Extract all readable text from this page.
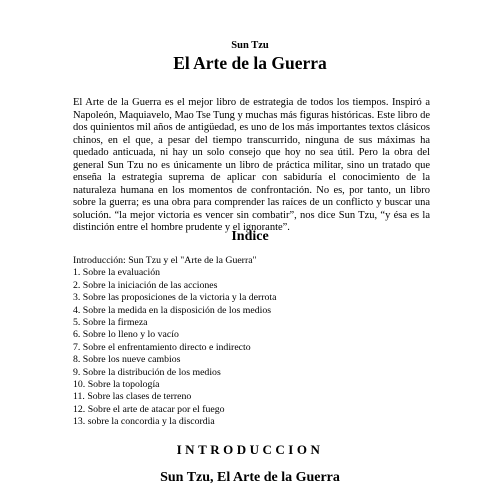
Sun Tzu
El Arte de la Guerra

El Arte de la Guerra es el mejor libro de estrategia de todos los tiempos. Inspiró a Napoleón, Maquiavelo, Mao Tse Tung y muchas más figuras históricas. Este libro de dos quinientos mil años de antigüedad, es uno de los más importantes textos clásicos chinos, en el que, a pesar del tiempo transcurrido, ninguna de sus máximas ha quedado anticuada, ni hay un solo consejo que hoy no sea útil. Pero la obra del general Sun Tzu no es únicamente un libro de práctica militar, sino un tratado que enseña la estrategia suprema de aplicar con sabiduría el conocimiento de la naturaleza humana en los momentos de confrontación. No es, por tanto, un libro sobre la guerra; es una obra para comprender las raíces de un conflicto y buscar una solución. “la mejor victoria es vencer sin combatir”, nos dice Sun Tzu, “y ésa es la distinción entre el hombre prudente y el ignorante”.

Indice
Introducción: Sun Tzu y el "Arte de la Guerra"
1. Sobre la evaluación
2. Sobre la iniciación de las acciones
3. Sobre las proposiciones de la victoria y la derrota
4. Sobre la medida en la disposición de los medios
5. Sobre la firmeza
6. Sobre lo lleno y lo vacío
7. Sobre el enfrentamiento directo e indirecto
8. Sobre los nueve cambios
9. Sobre la distribución de los medios
10. Sobre la topología
11. Sobre las clases de terreno
12. Sobre el arte de atacar por el fuego
13. sobre la concordia y la discordia
INTRODUCCION
Sun Tzu, El Arte de la Guerra
